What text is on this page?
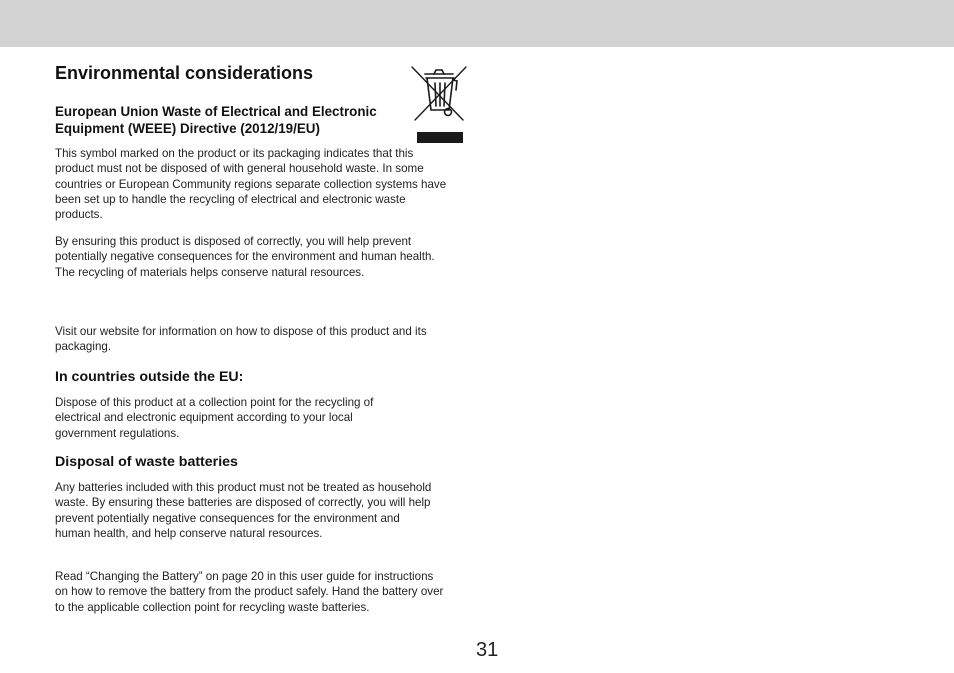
Environmental considerations
European Union Waste of Electrical and Electronic Equipment (WEEE) Directive (2012/19/EU)

This symbol marked on the product or its packaging indicates that this product must not be disposed of with general household waste. In some countries or European Community regions separate collection systems have been set up to handle the recycling of electrical and electronic waste products.

By ensuring this product is disposed of correctly, you will help prevent potentially negative consequences for the environment and human health. The recycling of materials helps conserve natural resources.

Visit our website for information on how to dispose of this product and its packaging.

In countries outside the EU:

Dispose of this product at a collection point for the recycling of electrical and electronic equipment according to your local government regulations.

Disposal of waste batteries

Any batteries included with this product must not be treated as household waste. By ensuring these batteries are disposed of correctly, you will help prevent potentially negative consequences for the environment and human health, and help conserve natural resources.

Read “Changing the Battery” on page 20 in this user guide for instructions on how to remove the battery from the product safely. Hand the battery over to the applicable collection point for recycling waste batteries.

31
